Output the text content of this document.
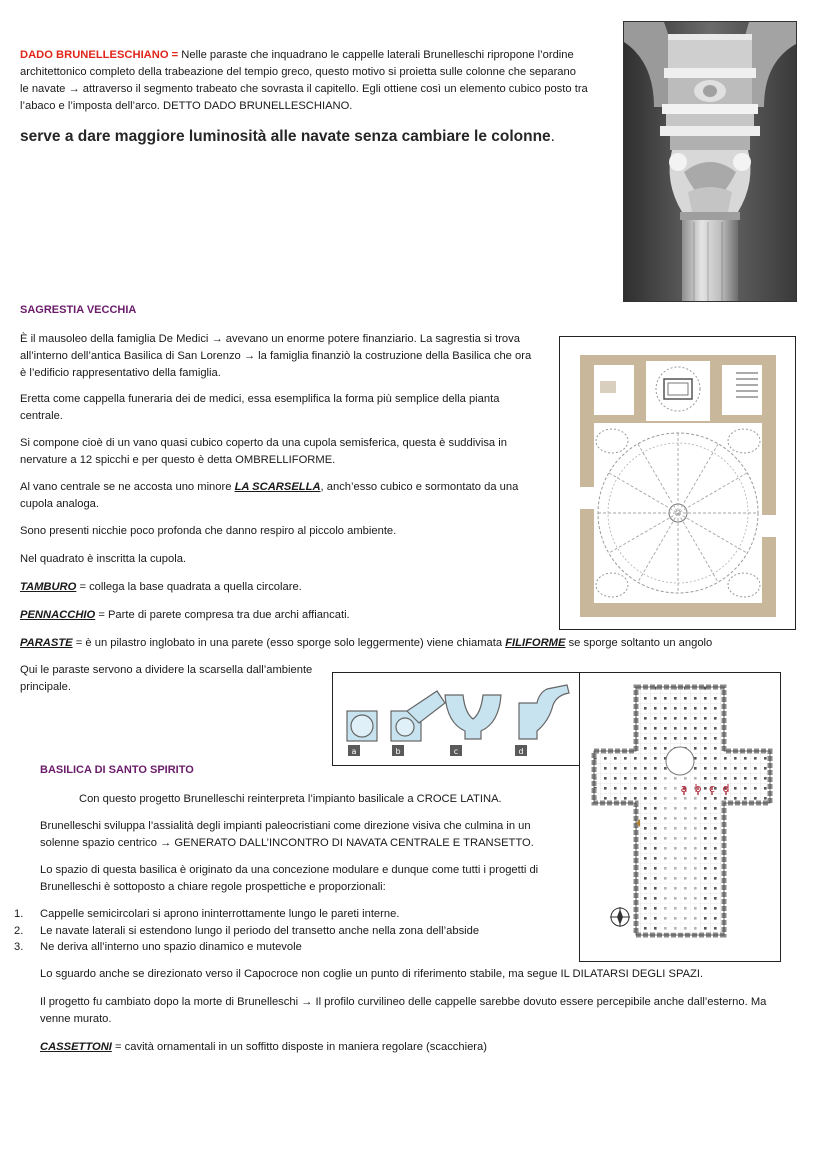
DADO BRUNELLESCHIANO = Nelle paraste che inquadrano le cappelle laterali Brunelleschi ripropone l’ordine
architettonico completo della trabeazione del tempio greco, questo motivo si proietta sulle colonne che separano
le navate → attraverso il segmento trabeato che sovrasta il capitello. Egli ottiene così un elemento cubico posto tra
l’abaco e l’imposta dell’arco. DETTO DADO BRUNELLESCHIANO.
serve a dare maggiore luminosità alle navate senza cambiare le colonne.
SAGRESTIA VECCHIA
È il mausoleo della famiglia De Medici → avevano un enorme potere finanziario. La sagrestia si trova
all’interno dell’antica Basilica di San Lorenzo → la famiglia finanziò la costruzione della Basilica che ora
è l’edificio rappresentativo della famiglia.
Eretta come cappella funeraria dei de medici, essa esemplifica la forma più semplice della pianta
centrale.
Si compone cioè di un vano quasi cubico coperto da una cupola semisferica, questa è suddivisa in
nervature a 12 spicchi e per questo è detta OMBRELLIFORME.
Al vano centrale se ne accosta uno minore LA SCARSELLA, anch’esso cubico e sormontato da una
cupola analoga.
Sono presenti nicchie poco profonda che danno respiro al piccolo ambiente.
Nel quadrato è inscritta la cupola.
TAMBURO = collega la base quadrata a quella circolare.
PENNACCHIO = Parte di parete compresa tra due archi affiancati.
PARASTE = è un pilastro inglobato in una parete (esso sporge solo leggermente) viene chiamata FILIFORME se sporge soltanto un angolo
Qui le paraste servono a dividere la scarsella dall’ambiente
principale.
a	b	c	d
a b c d
BASILICA DI SANTO SPIRITO
Con questo progetto Brunelleschi reinterpreta l’impianto basilicale a CROCE LATINA.
Brunelleschi sviluppa l’assialità degli impianti paleocristiani come direzione visiva che culmina in un
solenne spazio centrico → GENERATO DALL’INCONTRO DI NAVATA CENTRALE E TRANSETTO.
Lo spazio di questa basilica è originato da una concezione modulare e dunque come tutti i progetti di
Brunelleschi è sottoposto a chiare regole prospettiche e proporzionali:
1. Cappelle semicircolari si aprono ininterrottamente lungo le pareti interne.
2. Le navate laterali si estendono lungo il periodo del transetto anche nella zona dell’abside
3. Ne deriva all’interno uno spazio dinamico e mutevole
Lo sguardo anche se direzionato verso il Capocroce non coglie un punto di riferimento stabile, ma segue IL DILATARSI DEGLI SPAZI.
Il progetto fu cambiato dopo la morte di Brunelleschi → Il profilo curvilineo delle cappelle sarebbe dovuto essere percepibile anche dall’esterno. Ma
venne murato.
CASSETTONI = cavità ornamentali in un soffitto disposte in maniera regolare (scacchiera)
